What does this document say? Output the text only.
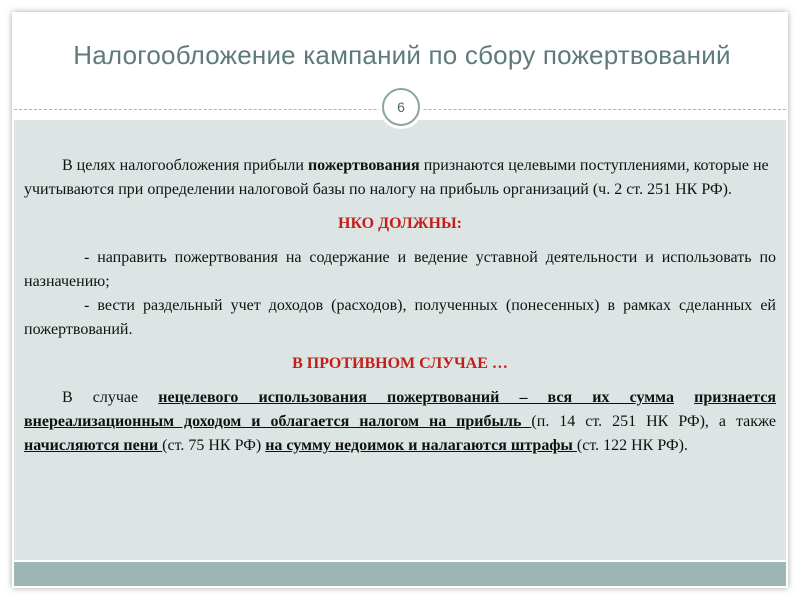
Налогообложение кампаний по сбору пожертвований
6

В целях налогообложения прибыли пожертвования признаются целевыми поступлениями, которые не учитываются при определении налоговой базы по налогу на прибыль организаций (ч. 2 ст. 251 НК РФ).

НКО ДОЛЖНЫ:

- направить пожертвования на содержание и ведение уставной деятельности и использовать по назначению;

- вести раздельный учет доходов (расходов), полученных (понесенных) в рамках сделанных ей пожертвований.

В ПРОТИВНОМ СЛУЧАЕ …

В случае нецелевого использования пожертвований – вся их сумма признается внереализационным доходом и облагается налогом на прибыль (п. 14 ст. 251 НК РФ), а также начисляются пени (ст. 75 НК РФ) на сумму недоимок и налагаются штрафы (ст. 122 НК РФ).
